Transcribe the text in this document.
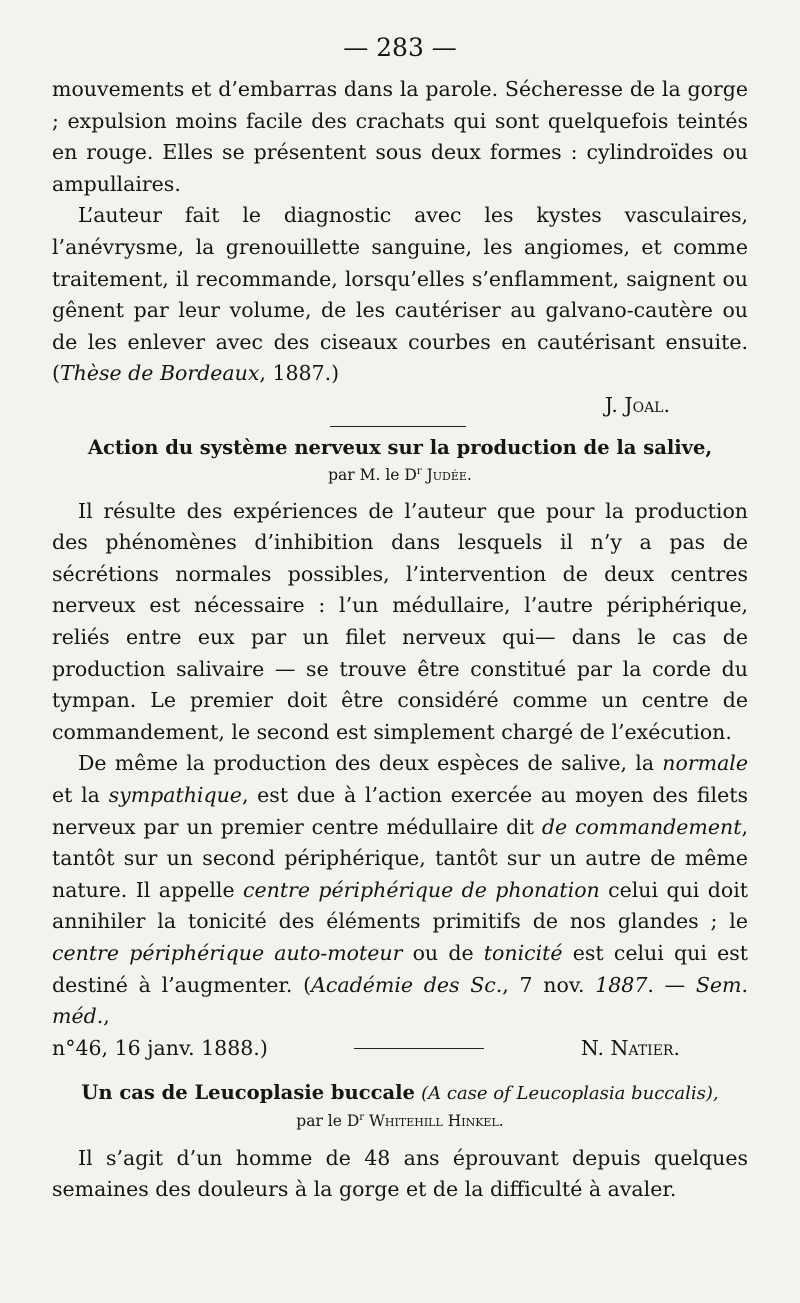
— 283 —

mouvements et d’embarras dans la parole. Sécheresse de la gorge ; expulsion moins facile des crachats qui sont quelquefois teintés en rouge. Elles se présentent sous deux formes : cylindroïdes ou ampullaires.

L’auteur fait le diagnostic avec les kystes vasculaires, l’anévrysme, la grenouillette sanguine, les angiomes, et comme traitement, il recommande, lorsqu’elles s’enflamment, saignent ou gênent par leur volume, de les cautériser au galvano-cautère ou de les enlever avec des ciseaux courbes en cautérisant ensuite. (Thèse de Bordeaux, 1887.)

J. Joal.
Action du système nerveux sur la production de la salive,
par M. le $D^r$ Judée.

Il résulte des expériences de l’auteur que pour la production des phénomènes d’inhibition dans lesquels il n’y a pas de sécrétions normales possibles, l’intervention de deux centres nerveux est nécessaire : l’un médullaire, l’autre périphérique, reliés entre eux par un filet nerveux qui— dans le cas de production salivaire — se trouve être constitué par la corde du tympan. Le premier doit être considéré comme un centre de commandement, le second est simplement chargé de l’exécution.

De même la production des deux espèces de salive, la normale et la sympathique, est due à l’action exercée au moyen des filets nerveux par un premier centre médullaire dit de commandement, tantôt sur un second périphérique, tantôt sur un autre de même nature. Il appelle centre périphérique de phonation celui qui doit annihiler la tonicité des éléments primitifs de nos glandes ; le centre périphérique auto-moteur ou de tonicité est celui qui est destiné à l’augmenter. (Académie des Sc., 7 nov. 1887. — Sem. méd.,

n°46, 16 janv. 1888.)	N. Natier.
Un cas de Leucoplasie buccale (A case of Leucoplasia buccalis),
par le $D^r$ Whitehill Hinkel.

Il s’agit d’un homme de 48 ans éprouvant depuis quelques semaines des douleurs à la gorge et de la difficulté à avaler.
